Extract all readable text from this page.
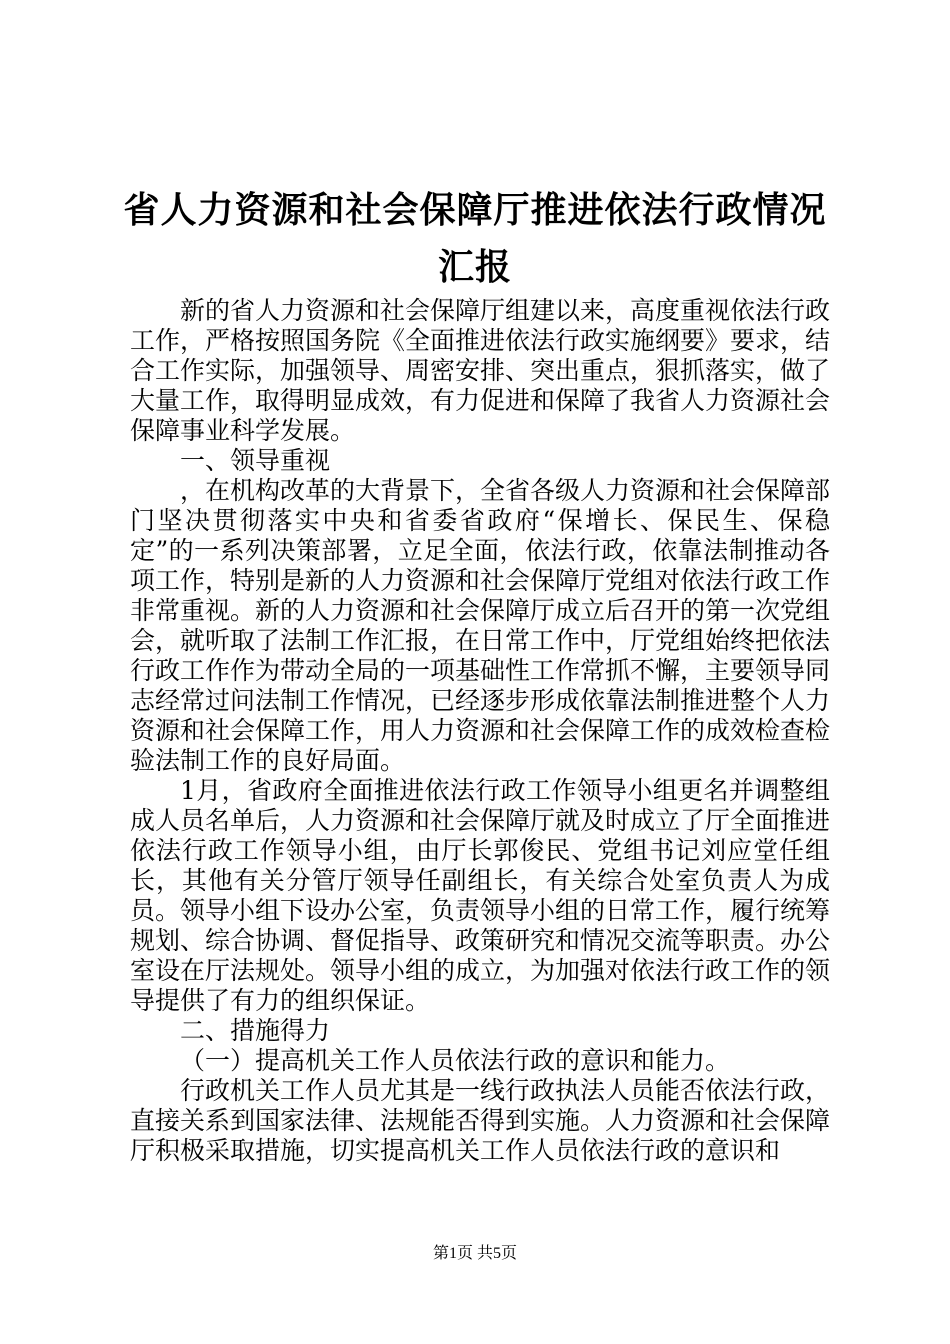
省人力资源和社会保障厅推进依法行政情况汇报

新的省人力资源和社会保障厅组建以来，高度重视依法行政工作，严格按照国务院《全面推进依法行政实施纲要》要求，结合工作实际，加强领导、周密安排、突出重点，狠抓落实，做了大量工作，取得明显成效，有力促进和保障了我省人力资源社会保障事业科学发展。

一、领导重视

，在机构改革的大背景下，全省各级人力资源和社会保障部门坚决贯彻落实中央和省委省政府“保增长、保民生、保稳定”的一系列决策部署，立足全面，依法行政，依靠法制推动各项工作，特别是新的人力资源和社会保障厅党组对依法行政工作非常重视。新的人力资源和社会保障厅成立后召开的第一次党组会，就听取了法制工作汇报，在日常工作中，厅党组始终把依法行政工作作为带动全局的一项基础性工作常抓不懈，主要领导同志经常过问法制工作情况，已经逐步形成依靠法制推进整个人力资源和社会保障工作，用人力资源和社会保障工作的成效检查检验法制工作的良好局面。

1月，省政府全面推进依法行政工作领导小组更名并调整组成人员名单后，人力资源和社会保障厅就及时成立了厅全面推进依法行政工作领导小组，由厅长郭俊民、党组书记刘应堂任组长，其他有关分管厅领导任副组长，有关综合处室负责人为成员。领导小组下设办公室，负责领导小组的日常工作，履行统筹规划、综合协调、督促指导、政策研究和情况交流等职责。办公室设在厅法规处。领导小组的成立，为加强对依法行政工作的领导提供了有力的组织保证。

二、措施得力

（一）提高机关工作人员依法行政的意识和能力。

行政机关工作人员尤其是一线行政执法人员能否依法行政，直接关系到国家法律、法规能否得到实施。人力资源和社会保障厅积极采取措施，切实提高机关工作人员依法行政的意识和

第1页 共5页
